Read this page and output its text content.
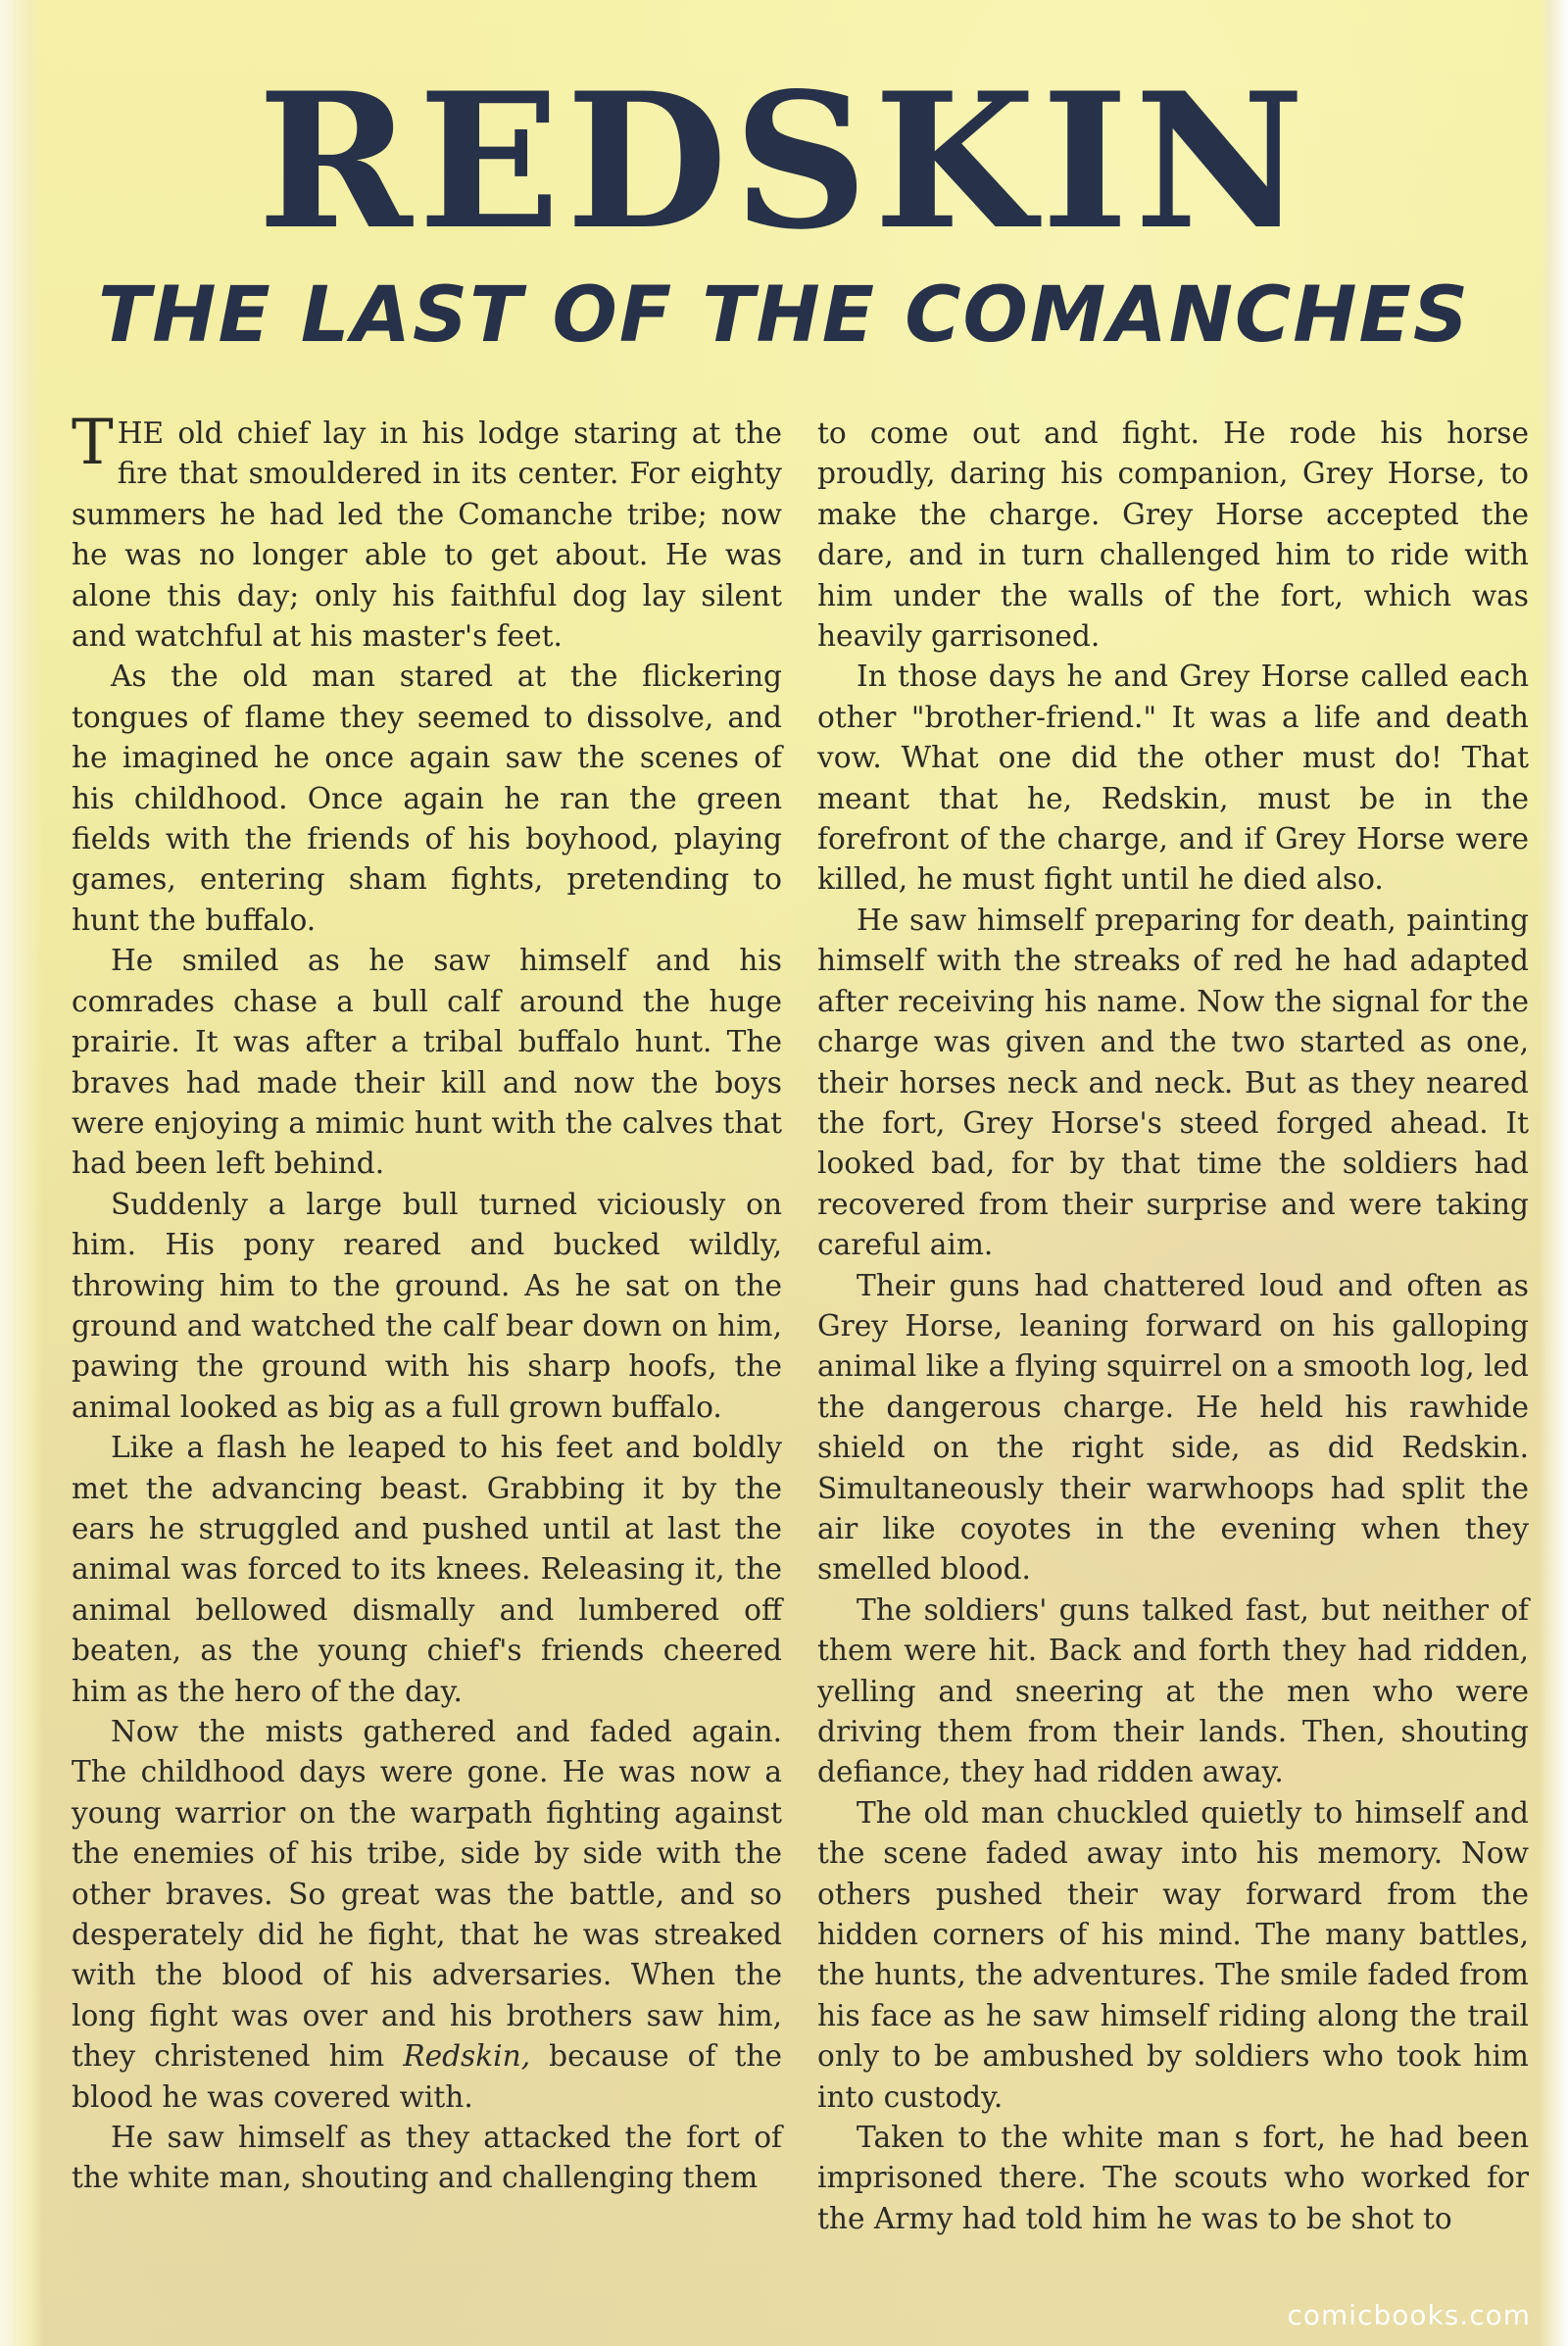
REDSKIN
THE LAST OF THE COMANCHES

THE old chief lay in his lodge staring at the fire that smouldered in its center. For eighty summers he had led the Comanche tribe; now he was no longer able to get about. He was alone this day; only his faithful dog lay silent and watchful at his master's feet.

As the old man stared at the flickering tongues of flame they seemed to dissolve, and he imagined he once again saw the scenes of his childhood. Once again he ran the green fields with the friends of his boyhood, playing games, entering sham fights, pretending to hunt the buffalo.

He smiled as he saw himself and his comrades chase a bull calf around the huge prairie. It was after a tribal buffalo hunt. The braves had made their kill and now the boys were enjoying a mimic hunt with the calves that had been left behind.

Suddenly a large bull turned viciously on him. His pony reared and bucked wildly, throwing him to the ground. As he sat on the ground and watched the calf bear down on him, pawing the ground with his sharp hoofs, the animal looked as big as a full grown buffalo.

Like a flash he leaped to his feet and boldly met the advancing beast. Grabbing it by the ears he struggled and pushed until at last the animal was forced to its knees. Releasing it, the animal bellowed dismally and lumbered off beaten, as the young chief's friends cheered him as the hero of the day.

Now the mists gathered and faded again. The childhood days were gone. He was now a young warrior on the warpath fighting against the enemies of his tribe, side by side with the other braves. So great was the battle, and so desperately did he fight, that he was streaked with the blood of his adversaries. When the long fight was over and his brothers saw him, they christened him Redskin, because of the blood he was covered with.

He saw himself as they attacked the fort of the white man, shouting and challenging them

to come out and fight. He rode his horse proudly, daring his companion, Grey Horse, to make the charge. Grey Horse accepted the dare, and in turn challenged him to ride with him under the walls of the fort, which was heavily garrisoned.

In those days he and Grey Horse called each other "brother-friend." It was a life and death vow. What one did the other must do! That meant that he, Redskin, must be in the forefront of the charge, and if Grey Horse were killed, he must fight until he died also.

He saw himself preparing for death, painting himself with the streaks of red he had adapted after receiving his name. Now the signal for the charge was given and the two started as one, their horses neck and neck. But as they neared the fort, Grey Horse's steed forged ahead. It looked bad, for by that time the soldiers had recovered from their surprise and were taking careful aim.

Their guns had chattered loud and often as Grey Horse, leaning forward on his galloping animal like a flying squirrel on a smooth log, led the dangerous charge. He held his rawhide shield on the right side, as did Redskin. Simultaneously their warwhoops had split the air like coyotes in the evening when they smelled blood.

The soldiers' guns talked fast, but neither of them were hit. Back and forth they had ridden, yelling and sneering at the men who were driving them from their lands. Then, shouting defiance, they had ridden away.

The old man chuckled quietly to himself and the scene faded away into his memory. Now others pushed their way forward from the hidden corners of his mind. The many battles, the hunts, the adventures. The smile faded from his face as he saw himself riding along the trail only to be ambushed by soldiers who took him into custody.

Taken to the white man s fort, he had been imprisoned there. The scouts who worked for the Army had told him he was to be shot to

comicbooks.com
